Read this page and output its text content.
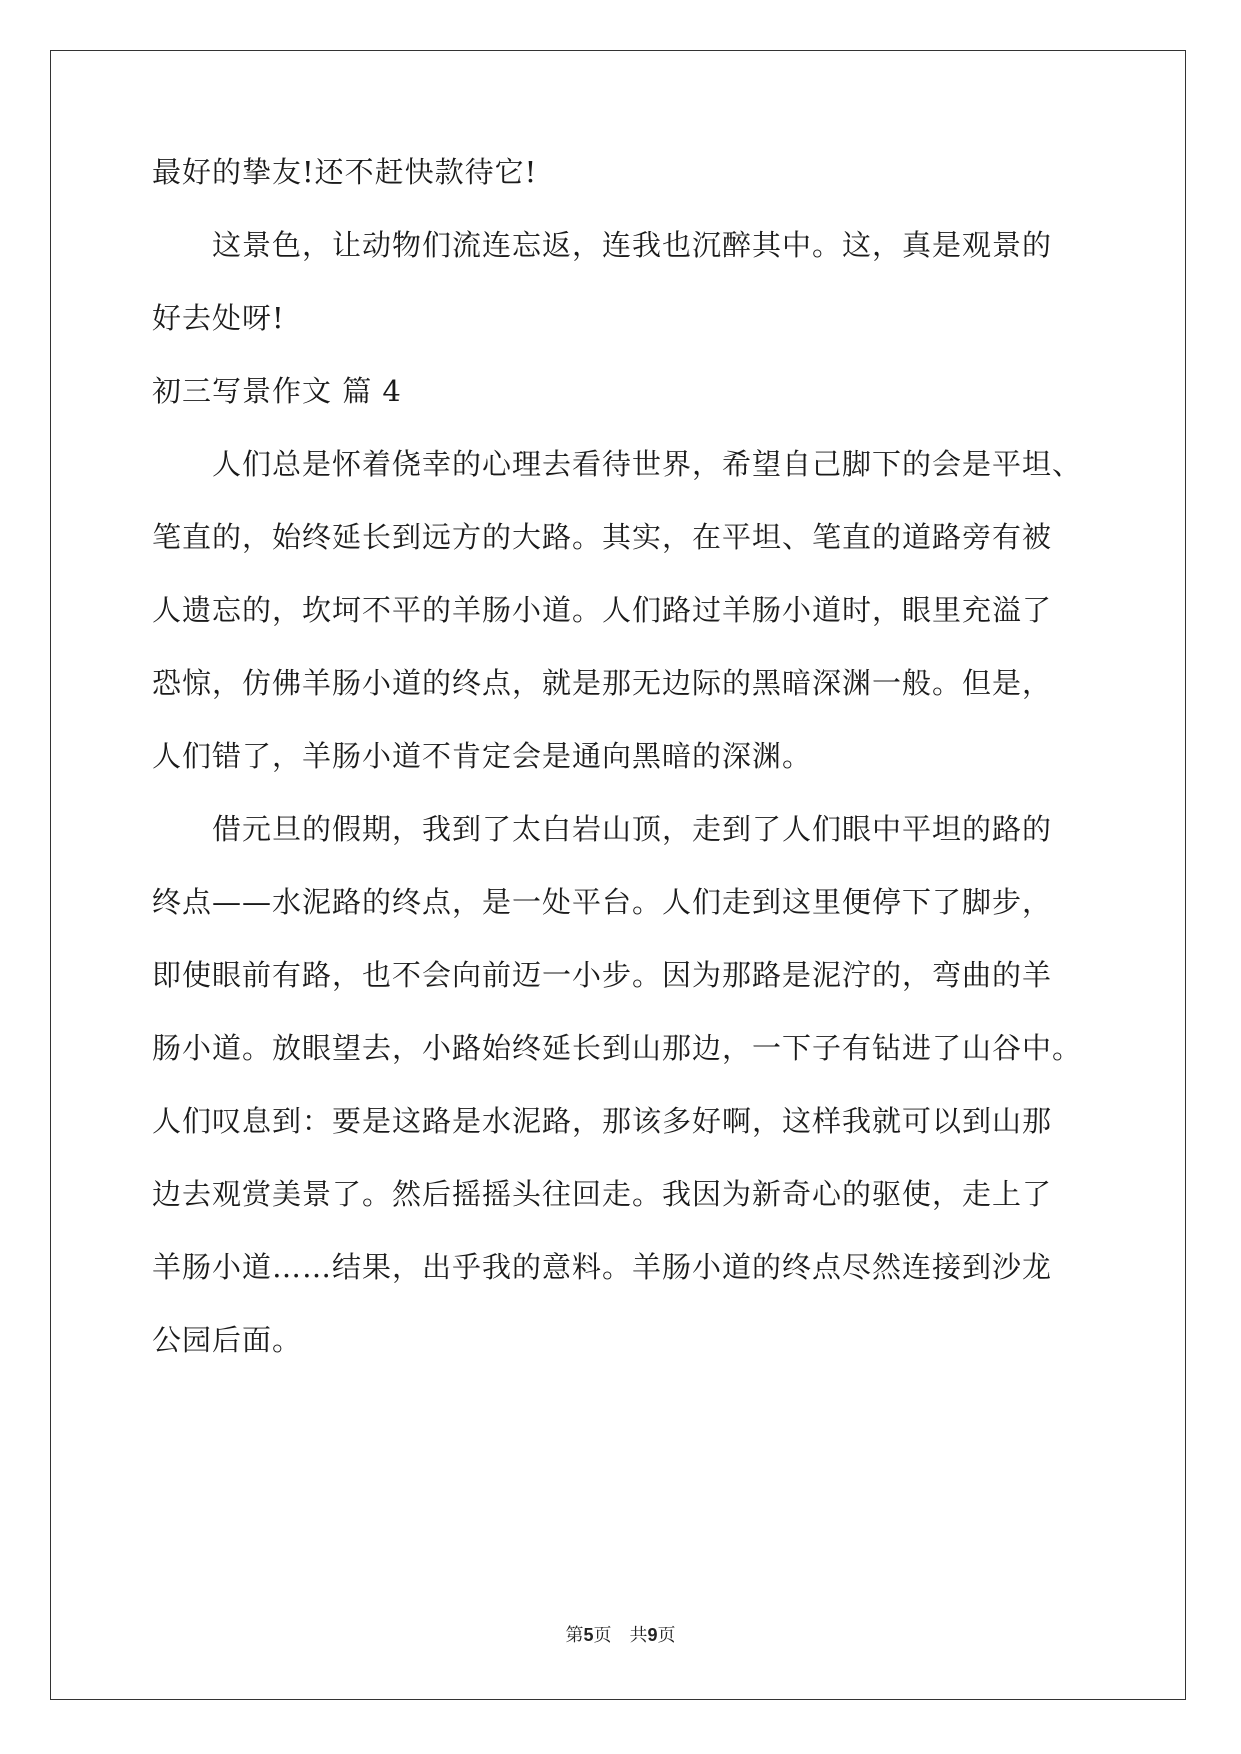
最好的挚友!还不赶快款待它!
　　这景色，让动物们流连忘返，连我也沉醉其中。这，真是观景的
好去处呀!
初三写景作文 篇 4
　　人们总是怀着侥幸的心理去看待世界，希望自己脚下的会是平坦、
笔直的，始终延长到远方的大路。其实，在平坦、笔直的道路旁有被
人遗忘的，坎坷不平的羊肠小道。人们路过羊肠小道时，眼里充溢了
恐惊，仿佛羊肠小道的终点，就是那无边际的黑暗深渊一般。但是，
人们错了，羊肠小道不肯定会是通向黑暗的深渊。
　　借元旦的假期，我到了太白岩山顶，走到了人们眼中平坦的路的
终点——水泥路的终点，是一处平台。人们走到这里便停下了脚步，
即使眼前有路，也不会向前迈一小步。因为那路是泥泞的，弯曲的羊
肠小道。放眼望去，小路始终延长到山那边，一下子有钻进了山谷中。
人们叹息到：要是这路是水泥路，那该多好啊，这样我就可以到山那
边去观赏美景了。然后摇摇头往回走。我因为新奇心的驱使，走上了
羊肠小道……结果，出乎我的意料。羊肠小道的终点尽然连接到沙龙
公园后面。
第5页　共9页
